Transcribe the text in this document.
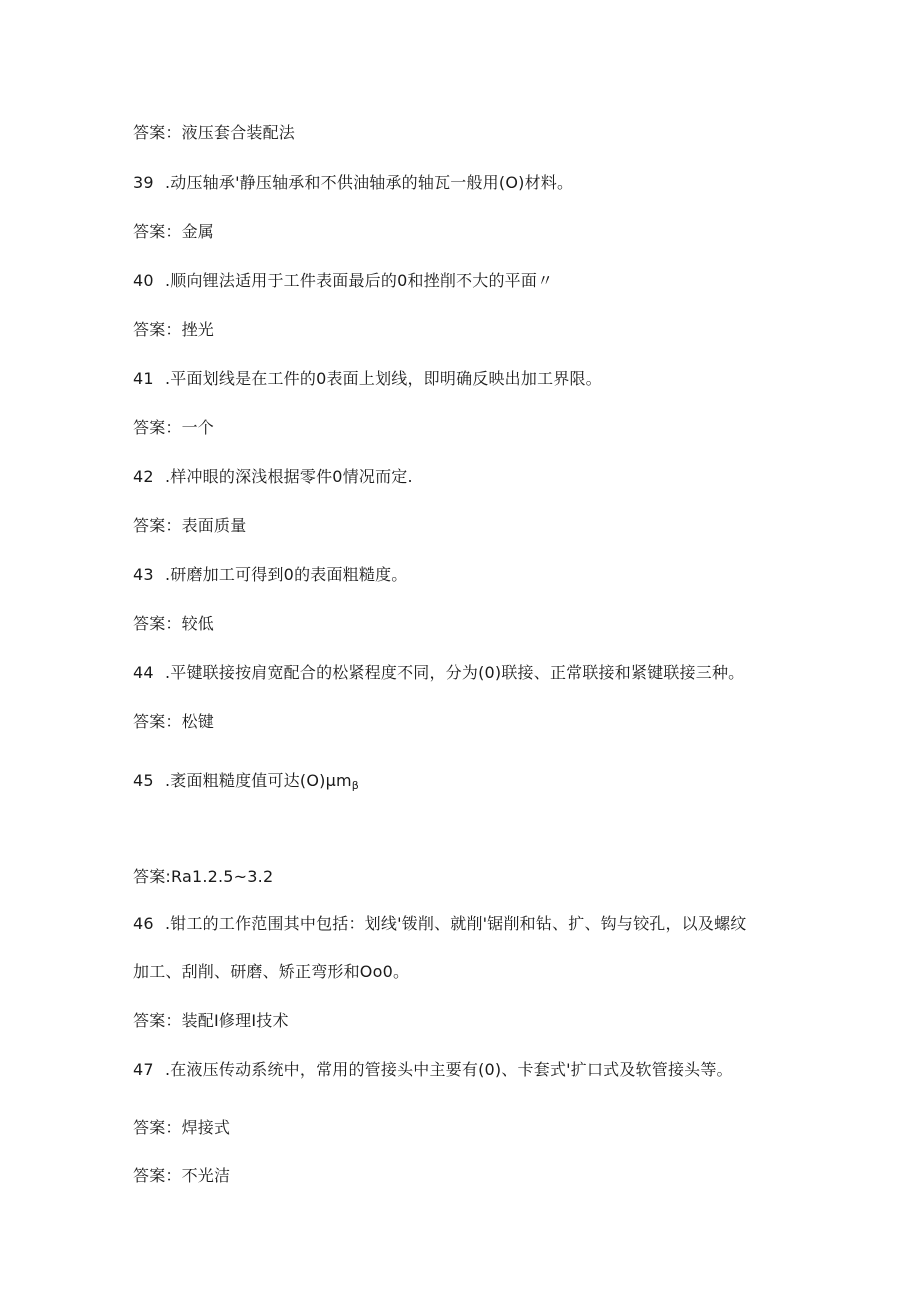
答案：液压套合装配法
39 .动压轴承'静压轴承和不供油轴承的轴瓦一般用(O)材料。
答案：金属
40 .顺向锂法适用于工件表面最后的0和挫削不大的平面〃
答案：挫光
41 .平面划线是在工件的0表面上划线，即明确反映出加工界限。
答案：一个
42 .样冲眼的深浅根据零件0情况而定.
答案：表面质量
43 .研磨加工可得到0的表面粗糙度。
答案：较低
44 .平键联接按肩宽配合的松紧程度不同，分为(0)联接、正常联接和紧键联接三种。
答案：松键
45 .袤面粗糙度值可达$(O)\mu m_\beta$
答案:Ra1.2.5~3.2
46 .钳工的工作范围其中包括：划线'䥽削、就削'锯削和钻、扩、钩与铰孔，以及螺纹
加工、刮削、研磨、矫正弯形和Oo0。
答案：装配I修理I技术
47 .在液压传动系统中，常用的管接头中主要有(0)、卡套式'扩口式及软管接头等。
答案：焊接式
答案：不光洁
